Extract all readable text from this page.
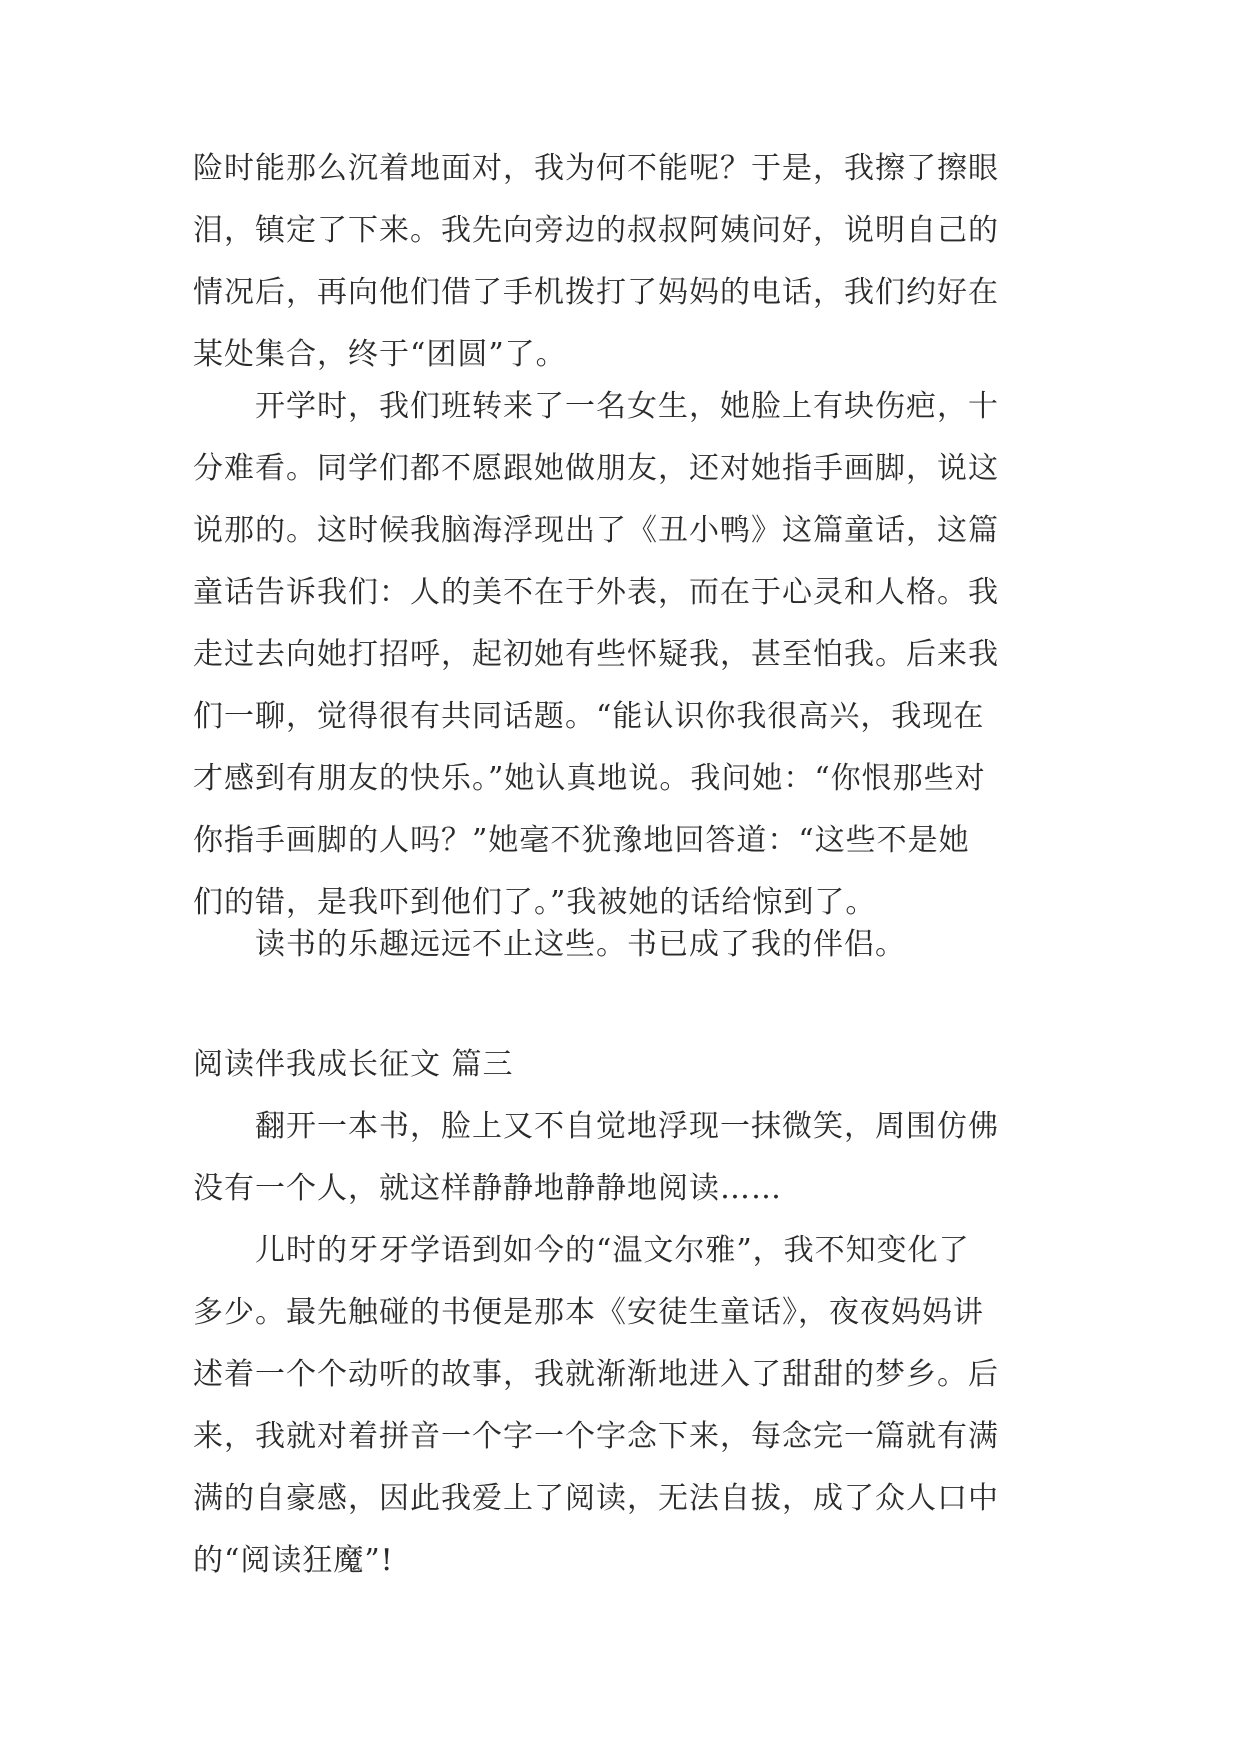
险时能那么沉着地面对，我为何不能呢？于是，我擦了擦眼
泪，镇定了下来。我先向旁边的叔叔阿姨问好，说明自己的
情况后，再向他们借了手机拨打了妈妈的电话，我们约好在
某处集合，终于“团圆”了。
开学时，我们班转来了一名女生，她脸上有块伤疤，十
分难看。同学们都不愿跟她做朋友，还对她指手画脚，说这
说那的。这时候我脑海浮现出了《丑小鸭》这篇童话，这篇
童话告诉我们：人的美不在于外表，而在于心灵和人格。我
走过去向她打招呼，起初她有些怀疑我，甚至怕我。后来我
们一聊，觉得很有共同话题。“能认识你我很高兴，我现在
才感到有朋友的快乐。”她认真地说。我问她：“你恨那些对
你指手画脚的人吗？”她毫不犹豫地回答道：“这些不是她
们的错，是我吓到他们了。”我被她的话给惊到了。
读书的乐趣远远不止这些。书已成了我的伴侣。
阅读伴我成长征文 篇三
翻开一本书，脸上又不自觉地浮现一抹微笑，周围仿佛
没有一个人，就这样静静地静静地阅读……
儿时的牙牙学语到如今的“温文尔雅”，我不知变化了
多少。最先触碰的书便是那本《安徒生童话》，夜夜妈妈讲
述着一个个动听的故事，我就渐渐地进入了甜甜的梦乡。后
来，我就对着拼音一个字一个字念下来，每念完一篇就有满
满的自豪感，因此我爱上了阅读，无法自拔，成了众人口中
的“阅读狂魔”!
